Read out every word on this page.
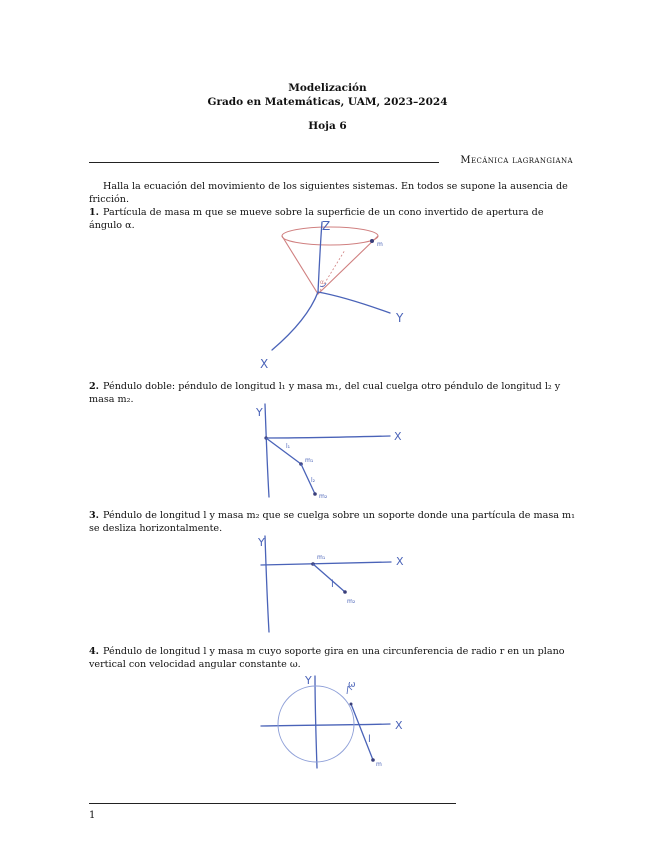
Modelización
Grado en Matemáticas, UAM, 2023–2024
Hoja 6
Mecánica lagrangiana
Halla la ecuación del movimiento de los siguientes sistemas. En todos se supone la ausencia de fricción.
1. Partícula de masa m que se mueve sobre la superficie de un cono invertido de apertura de ángulo α.	Z
Y
X
m
α
2. Péndulo doble: péndulo de longitud l₁ y masa m₁, del cual cuelga otro péndulo de longitud l₂ y masa m₂.
Y
X
l₁
m₁
l₂
m₂
3. Péndulo de longitud l y masa m₂ que se cuelga sobre un soporte donde una partícula de masa m₁ se desliza horizontalmente.
Y
X
m₁
l
m₂
4. Péndulo de longitud l y masa m cuyo soporte gira en una circunferencia de radio r en un plano vertical con velocidad angular constante ω.
Y
X
ω
l
m
1
